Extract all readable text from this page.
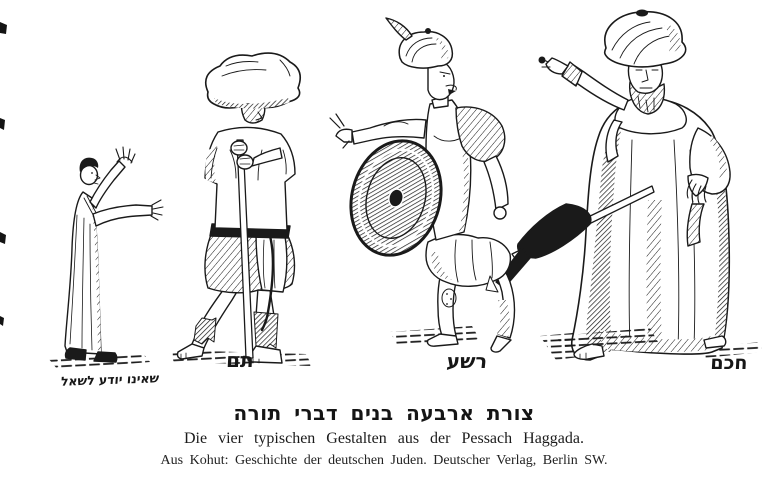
שאינו יודע לשאל
תם	רשע	חכם
צורת ארבעה בנים דברי תורה
Die vier typischen Gestalten aus der Pessach Haggada.
Aus Kohut: Geschichte der deutschen Juden. Deutscher Verlag, Berlin SW.
